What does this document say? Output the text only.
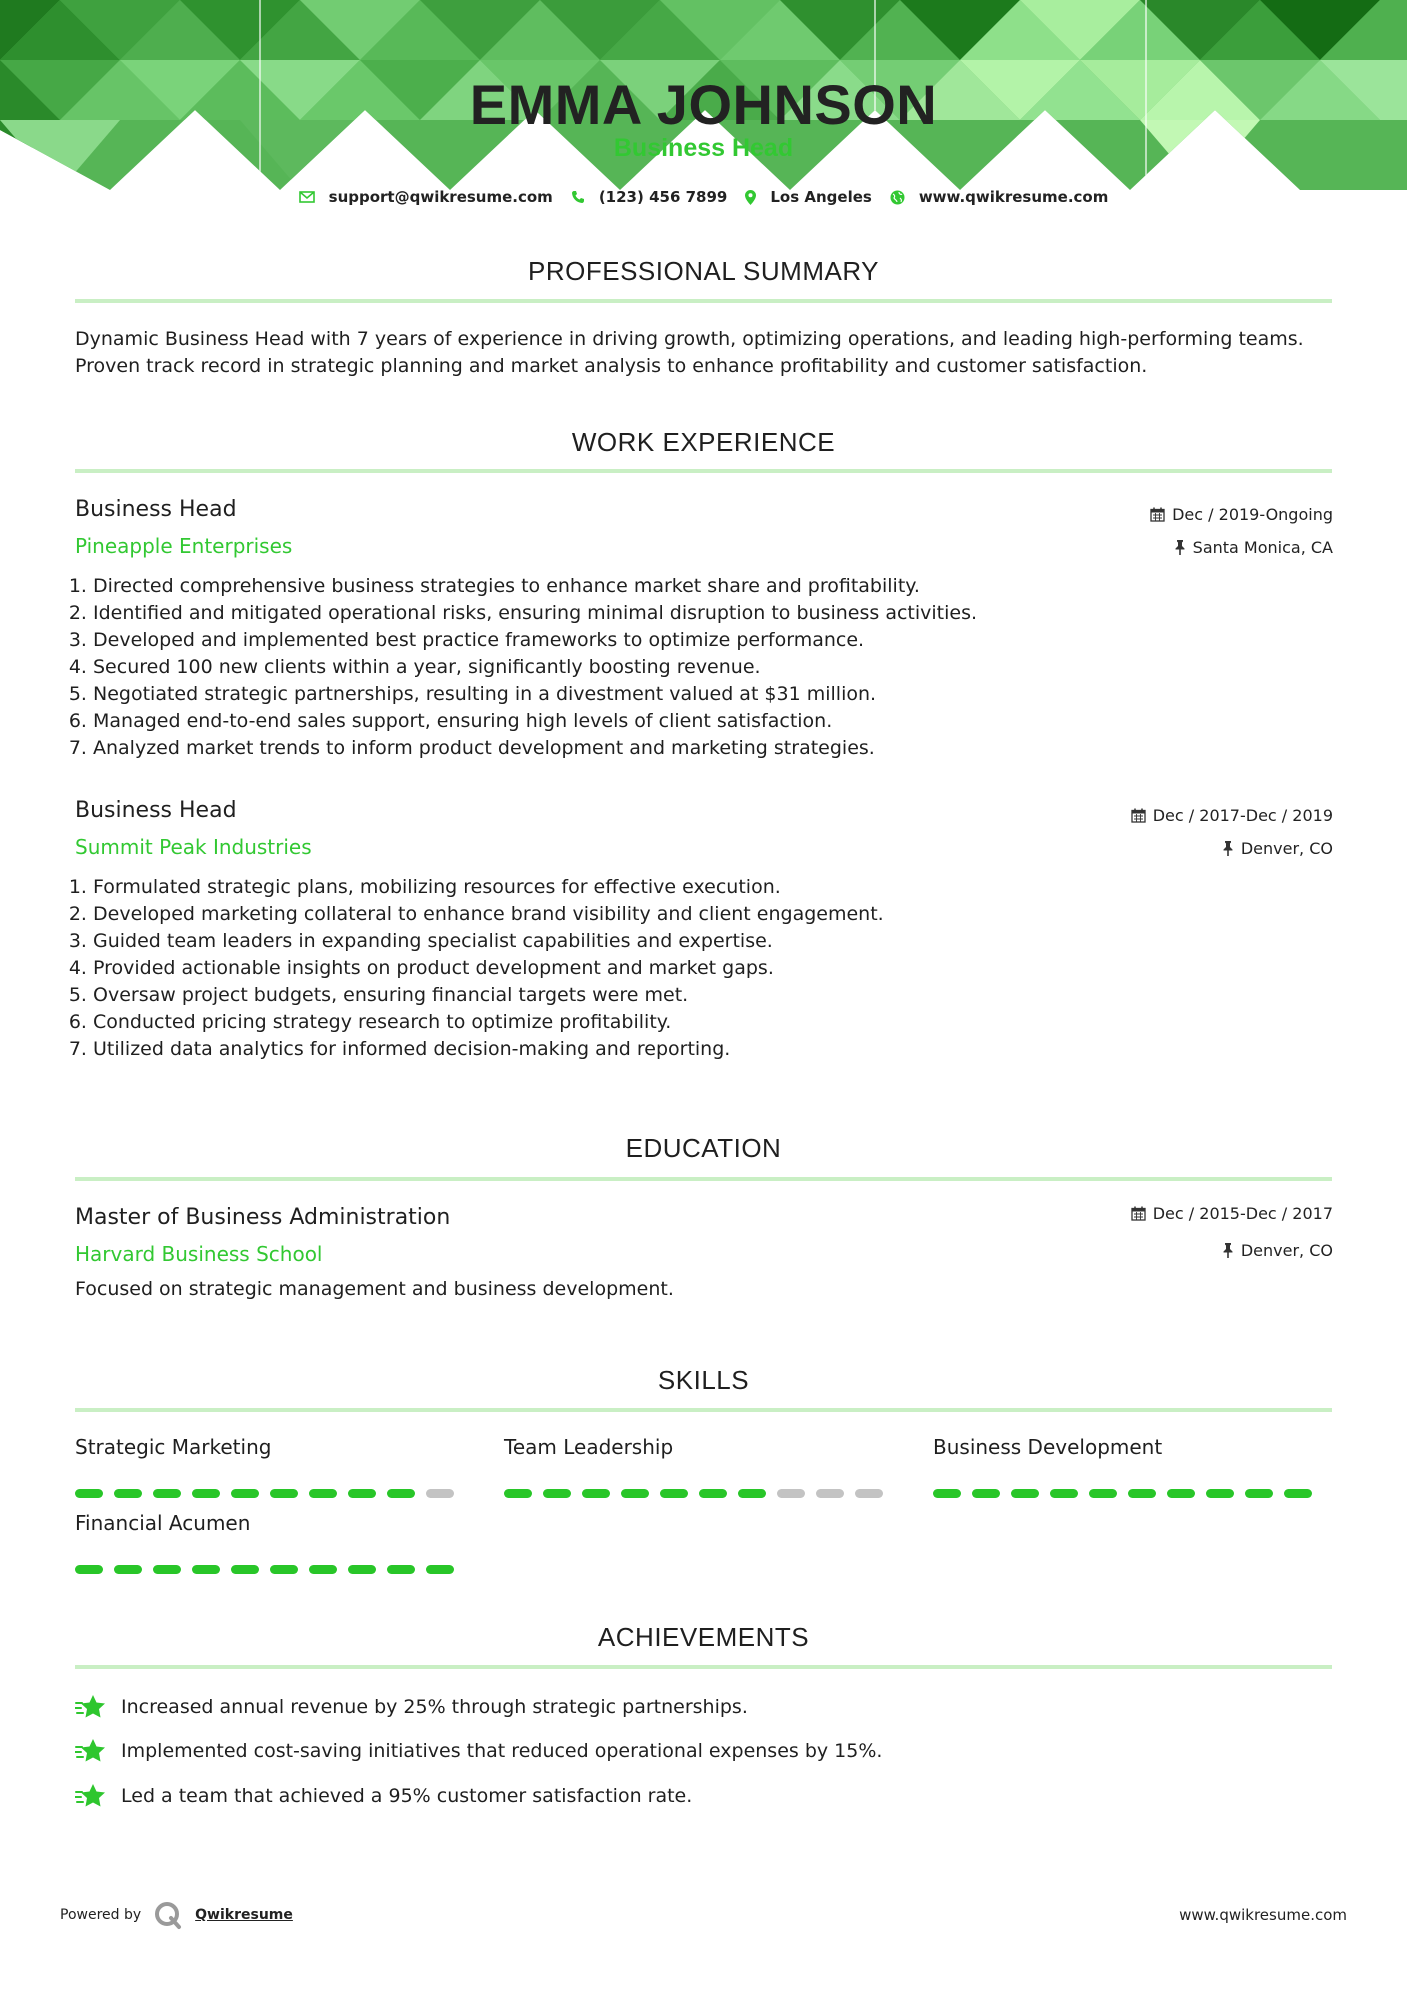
EMMA JOHNSON
Business Head
support@qwikresume.com	(123) 456 7899	Los Angeles	www.qwikresume.com
PROFESSIONAL SUMMARY
Dynamic Business Head with 7 years of experience in driving growth, optimizing operations, and leading high-performing teams. Proven track record in strategic planning and market analysis to enhance profitability and customer satisfaction.
WORK EXPERIENCE
Business Head
Pineapple Enterprises
Dec / 2019-Ongoing
Santa Monica, CA
1. Directed comprehensive business strategies to enhance market share and profitability.
2. Identified and mitigated operational risks, ensuring minimal disruption to business activities.
3. Developed and implemented best practice frameworks to optimize performance.
4. Secured 100 new clients within a year, significantly boosting revenue.
5. Negotiated strategic partnerships, resulting in a divestment valued at $31 million.
6. Managed end-to-end sales support, ensuring high levels of client satisfaction.
7. Analyzed market trends to inform product development and marketing strategies.
Business Head
Summit Peak Industries
Dec / 2017-Dec / 2019
Denver, CO
1. Formulated strategic plans, mobilizing resources for effective execution.
2. Developed marketing collateral to enhance brand visibility and client engagement.
3. Guided team leaders in expanding specialist capabilities and expertise.
4. Provided actionable insights on product development and market gaps.
5. Oversaw project budgets, ensuring financial targets were met.
6. Conducted pricing strategy research to optimize profitability.
7. Utilized data analytics for informed decision-making and reporting.
EDUCATION
Master of Business Administration
Harvard Business School
Dec / 2015-Dec / 2017
Denver, CO
Focused on strategic management and business development.
SKILLS
Strategic Marketing	Team Leadership	Business Development
Financial Acumen
ACHIEVEMENTS
Increased annual revenue by 25% through strategic partnerships.
Implemented cost-saving initiatives that reduced operational expenses by 15%.
Led a team that achieved a 95% customer satisfaction rate.
Powered by	Qwikresume	www.qwikresume.com
